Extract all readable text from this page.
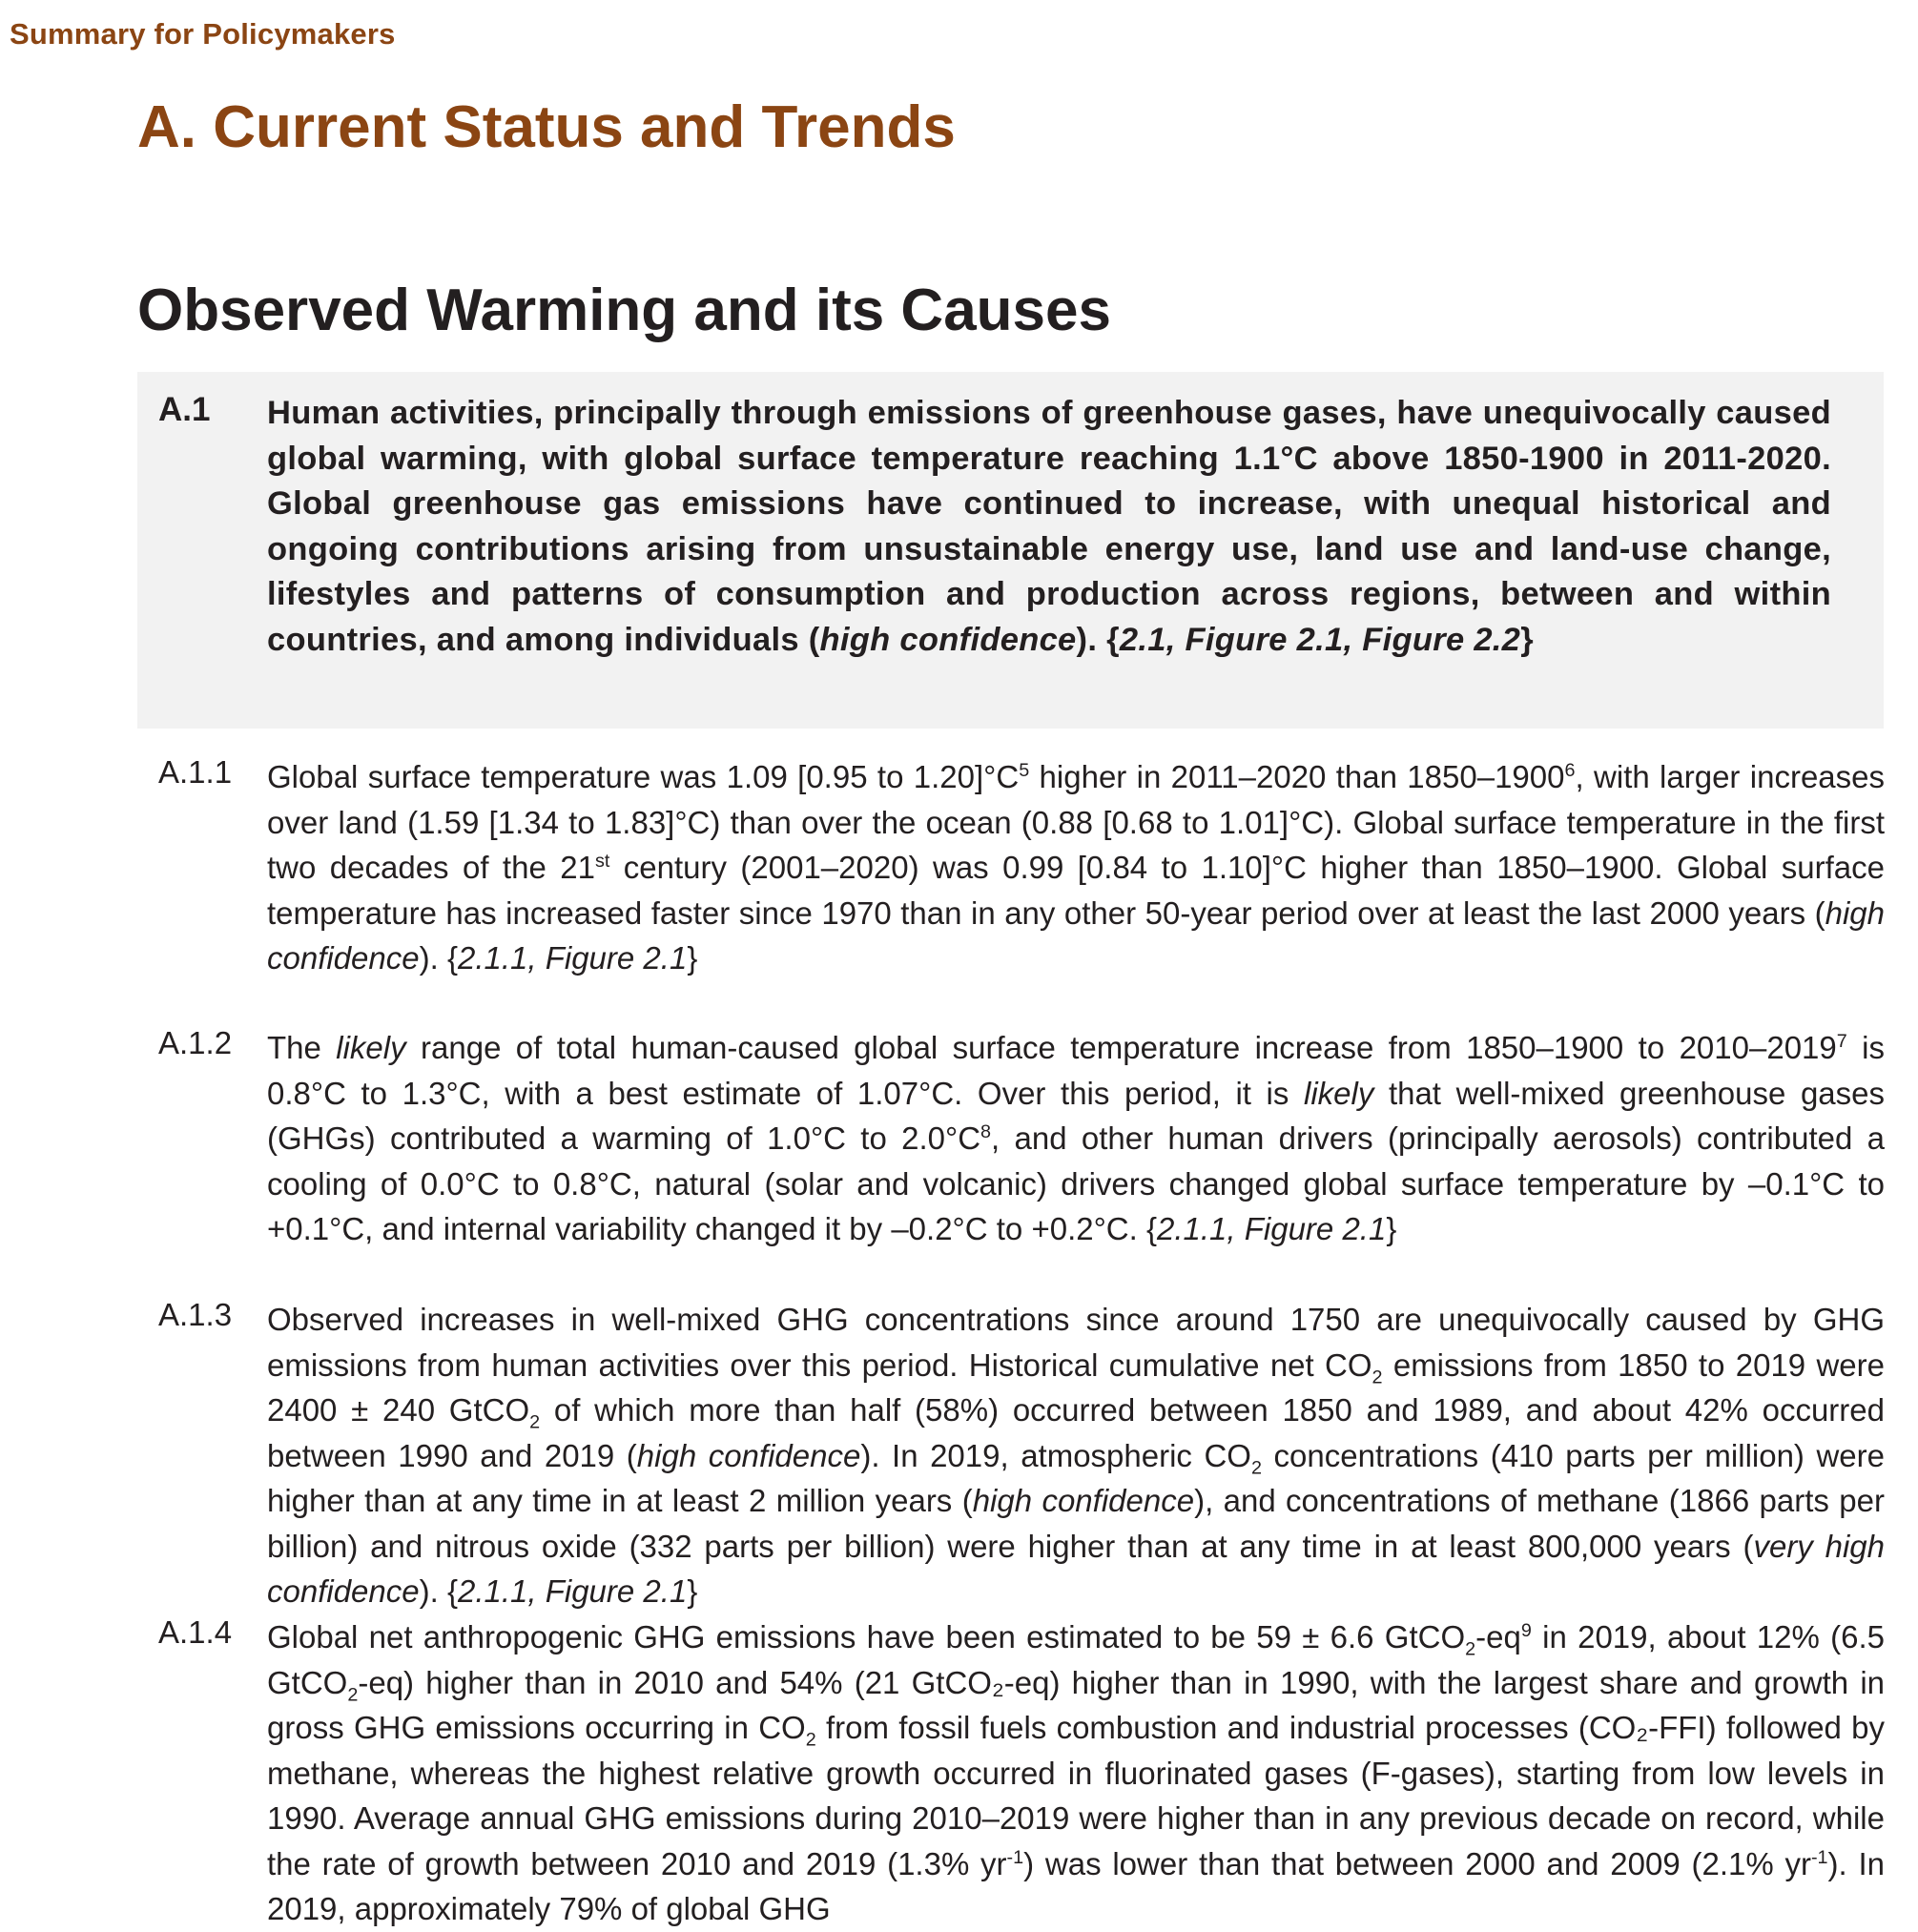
Summary for Policymakers
A. Current Status and Trends
Observed Warming and its Causes
A.1 Human activities, principally through emissions of greenhouse gases, have unequivocally caused global warming, with global surface temperature reaching 1.1°C above 1850-1900 in 2011-2020. Global greenhouse gas emissions have continued to increase, with unequal historical and ongoing contributions arising from unsustainable energy use, land use and land-use change, lifestyles and patterns of consumption and production across regions, between and within countries, and among individuals (high confidence). {2.1, Figure 2.1, Figure 2.2}
A.1.1 Global surface temperature was 1.09 [0.95 to $1.20]^\circ C^5$ higher in 2011–2020 than 1850–1900$^6$, with larger increases over land (1.59 [1.34 to 1.83]°C) than over the ocean (0.88 [0.68 to 1.01]°C). Global surface temperature in the first two decades of the 21st century (2001–2020) was 0.99 [0.84 to 1.10]°C higher than 1850–1900. Global surface temperature has increased faster since 1970 than in any other 50-year period over at least the last 2000 years (high confidence). {2.1.1, Figure 2.1}
A.1.2 The likely range of total human-caused global surface temperature increase from 1850–1900 to 2010–2019$^7$ is 0.8°C to 1.3°C, with a best estimate of 1.07°C. Over this period, it is likely that well-mixed greenhouse gases (GHGs) contributed a warming of 1.0°C to $2.0^\circ C^8$, and other human drivers (principally aerosols) contributed a cooling of 0.0°C to 0.8°C, natural (solar and volcanic) drivers changed global surface temperature by –0.1°C to +0.1°C, and internal variability changed it by –0.2°C to +0.2°C. {2.1.1, Figure 2.1}
A.1.3 Observed increases in well-mixed GHG concentrations since around 1750 are unequivocally caused by GHG emissions from human activities over this period. Historical cumulative net $CO_2$ emissions from 1850 to 2019 were 2400 ± 240 GtCO$_2$ of which more than half (58%) occurred between 1850 and 1989, and about 42% occurred between 1990 and 2019 (high confidence). In 2019, atmospheric $CO_2$ concentrations (410 parts per million) were higher than at any time in at least 2 million years (high confidence), and concentrations of methane (1866 parts per billion) and nitrous oxide (332 parts per billion) were higher than at any time in at least 800,000 years (very high confidence). {2.1.1, Figure 2.1}
A.1.4 Global net anthropogenic GHG emissions have been estimated to be 59 ± 6.6 $GtCO_2-eq^9$ in 2019, about 12% (6.5 GtCO$_2$-eq) higher than in 2010 and 54% (21 GtCO₂-eq) higher than in 1990, with the largest share and growth in gross GHG emissions occurring in $CO_2$ from fossil fuels combustion and industrial processes (CO₂-FFI) followed by methane, whereas the highest relative growth occurred in fluorinated gases (F-gases), starting from low levels in 1990. Average annual GHG emissions during 2010–2019 were higher than in any previous decade on record, while the rate of growth between 2010 and 2019 (1.3% $yr^{-1}$) was lower than that between 2000 and 2009 (2.1% $yr^{-1}$). In 2019, approximately 79% of global GHG
